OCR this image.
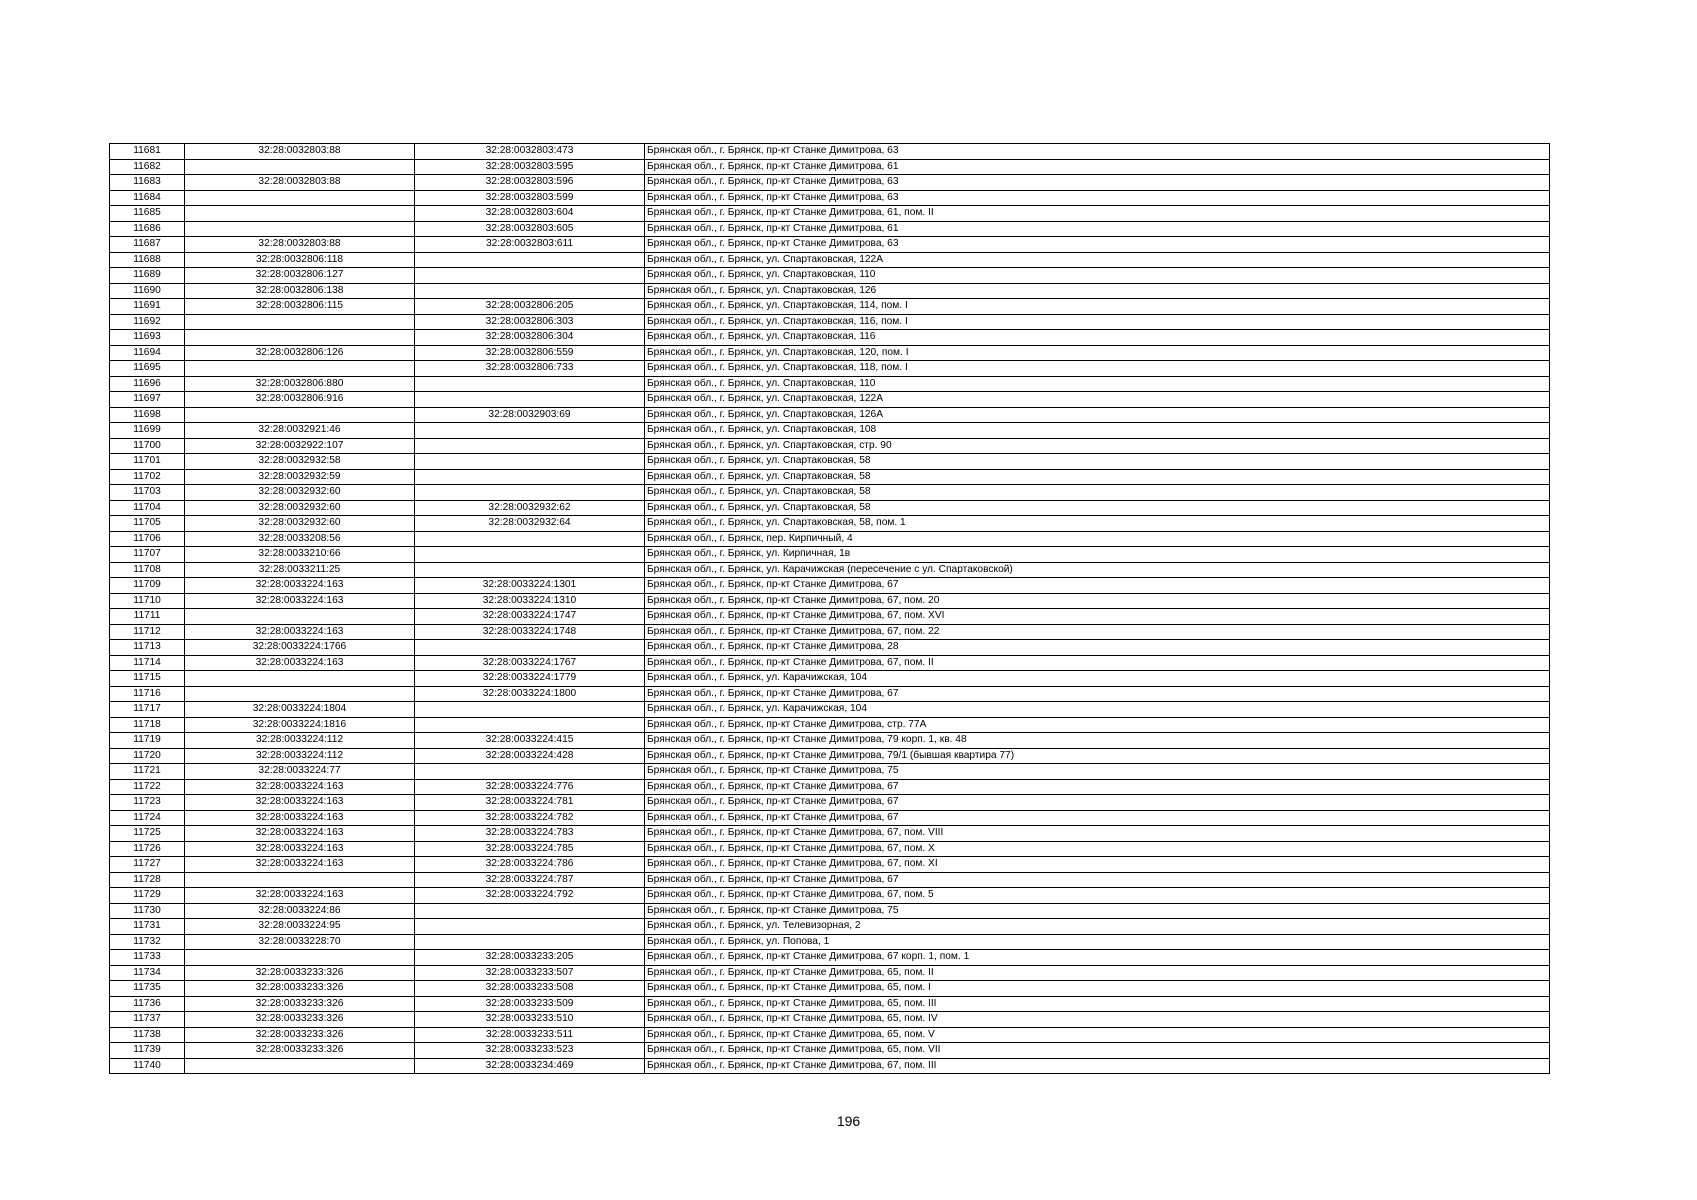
11681	32:28:0032803:88	32:28:0032803:473	Брянская обл., г. Брянск, пр-кт Станке Димитрова, 63
11682		32:28:0032803:595	Брянская обл., г. Брянск, пр-кт Станке Димитрова, 61
11683	32:28:0032803:88	32:28:0032803:596	Брянская обл., г. Брянск, пр-кт Станке Димитрова, 63
11684		32:28:0032803:599	Брянская обл., г. Брянск, пр-кт Станке Димитрова, 63
11685		32:28:0032803:604	Брянская обл., г. Брянск, пр-кт Станке Димитрова, 61, пом. II
11686		32:28:0032803:605	Брянская обл., г. Брянск, пр-кт Станке Димитрова, 61
11687	32:28:0032803:88	32:28:0032803:611	Брянская обл., г. Брянск, пр-кт Станке Димитрова, 63
11688	32:28:0032806:118		Брянская обл., г. Брянск, ул. Спартаковская, 122А
11689	32:28:0032806:127		Брянская обл., г. Брянск, ул. Спартаковская, 110
11690	32:28:0032806:138		Брянская обл., г. Брянск, ул. Спартаковская, 126
11691	32:28:0032806:115	32:28:0032806:205	Брянская обл., г. Брянск, ул. Спартаковская, 114, пом. I
11692		32:28:0032806:303	Брянская обл., г. Брянск, ул. Спартаковская, 116, пом. I
11693		32:28:0032806:304	Брянская обл., г. Брянск, ул. Спартаковская, 116
11694	32:28:0032806:126	32:28:0032806:559	Брянская обл., г. Брянск, ул. Спартаковская, 120, пом. I
11695		32:28:0032806:733	Брянская обл., г. Брянск, ул. Спартаковская, 118, пом. I
11696	32:28:0032806:880		Брянская обл., г. Брянск, ул. Спартаковская, 110
11697	32:28:0032806:916		Брянская обл., г. Брянск, ул. Спартаковская, 122А
11698		32:28:0032903:69	Брянская обл., г. Брянск, ул. Спартаковская, 126А
11699	32:28:0032921:46		Брянская обл., г. Брянск, ул. Спартаковская, 108
11700	32:28:0032922:107		Брянская обл., г. Брянск, ул. Спартаковская, стр. 90
11701	32:28:0032932:58		Брянская обл., г. Брянск, ул. Спартаковская, 58
11702	32:28:0032932:59		Брянская обл., г. Брянск, ул. Спартаковская, 58
11703	32:28:0032932:60		Брянская обл., г. Брянск, ул. Спартаковская, 58
11704	32:28:0032932:60	32:28:0032932:62	Брянская обл., г. Брянск, ул. Спартаковская, 58
11705	32:28:0032932:60	32:28:0032932:64	Брянская обл., г. Брянск, ул. Спартаковская, 58, пом. 1
11706	32:28:0033208:56		Брянская обл., г. Брянск, пер. Кирпичный, 4
11707	32:28:0033210:66		Брянская обл., г. Брянск, ул. Кирпичная, 1в
11708	32:28:0033211:25		Брянская обл., г. Брянск, ул. Карачижская (пересечение с ул. Спартаковской)
11709	32:28:0033224:163	32:28:0033224:1301	Брянская обл., г. Брянск, пр-кт Станке Димитрова, 67
11710	32:28:0033224:163	32:28:0033224:1310	Брянская обл., г. Брянск, пр-кт Станке Димитрова, 67, пом. 20
11711		32:28:0033224:1747	Брянская обл., г. Брянск, пр-кт Станке Димитрова, 67, пом. XVI
11712	32:28:0033224:163	32:28:0033224:1748	Брянская обл., г. Брянск, пр-кт Станке Димитрова, 67, пом. 22
11713	32:28:0033224:1766		Брянская обл., г. Брянск, пр-кт Станке Димитрова, 28
11714	32:28:0033224:163	32:28:0033224:1767	Брянская обл., г. Брянск, пр-кт Станке Димитрова, 67, пом. II
11715		32:28:0033224:1779	Брянская обл., г. Брянск, ул. Карачижская, 104
11716		32:28:0033224:1800	Брянская обл., г. Брянск, пр-кт Станке Димитрова, 67
11717	32:28:0033224:1804		Брянская обл., г. Брянск, ул. Карачижская, 104
11718	32:28:0033224:1816		Брянская обл., г. Брянск, пр-кт Станке Димитрова, стр. 77А
11719	32:28:0033224:112	32:28:0033224:415	Брянская обл., г. Брянск, пр-кт Станке Димитрова, 79 корп. 1, кв. 48
11720	32:28:0033224:112	32:28:0033224:428	Брянская обл., г. Брянск, пр-кт Станке Димитрова, 79/1 (бывшая квартира 77)
11721	32:28:0033224:77		Брянская обл., г. Брянск, пр-кт Станке Димитрова, 75
11722	32:28:0033224:163	32:28:0033224:776	Брянская обл., г. Брянск, пр-кт Станке Димитрова, 67
11723	32:28:0033224:163	32:28:0033224:781	Брянская обл., г. Брянск, пр-кт Станке Димитрова, 67
11724	32:28:0033224:163	32:28:0033224:782	Брянская обл., г. Брянск, пр-кт Станке Димитрова, 67
11725	32:28:0033224:163	32:28:0033224:783	Брянская обл., г. Брянск, пр-кт Станке Димитрова, 67, пом. VIII
11726	32:28:0033224:163	32:28:0033224:785	Брянская обл., г. Брянск, пр-кт Станке Димитрова, 67, пом. X
11727	32:28:0033224:163	32:28:0033224:786	Брянская обл., г. Брянск, пр-кт Станке Димитрова, 67, пом. XI
11728		32:28:0033224:787	Брянская обл., г. Брянск, пр-кт Станке Димитрова, 67
11729	32:28:0033224:163	32:28:0033224:792	Брянская обл., г. Брянск, пр-кт Станке Димитрова, 67, пом. 5
11730	32:28:0033224:86		Брянская обл., г. Брянск, пр-кт Станке Димитрова, 75
11731	32:28:0033224:95		Брянская обл., г. Брянск, ул. Телевизорная, 2
11732	32:28:0033228:70		Брянская обл., г. Брянск, ул. Попова, 1
11733		32:28:0033233:205	Брянская обл., г. Брянск, пр-кт Станке Димитрова, 67 корп. 1, пом. 1
11734	32:28:0033233:326	32:28:0033233:507	Брянская обл., г. Брянск, пр-кт Станке Димитрова, 65, пом. II
11735	32:28:0033233:326	32:28:0033233:508	Брянская обл., г. Брянск, пр-кт Станке Димитрова, 65, пом. I
11736	32:28:0033233:326	32:28:0033233:509	Брянская обл., г. Брянск, пр-кт Станке Димитрова, 65, пом. III
11737	32:28:0033233:326	32:28:0033233:510	Брянская обл., г. Брянск, пр-кт Станке Димитрова, 65, пом. IV
11738	32:28:0033233:326	32:28:0033233:511	Брянская обл., г. Брянск, пр-кт Станке Димитрова, 65, пом. V
11739	32:28:0033233:326	32:28:0033233:523	Брянская обл., г. Брянск, пр-кт Станке Димитрова, 65, пом. VII
11740		32:28:0033234:469	Брянская обл., г. Брянск, пр-кт Станке Димитрова, 67, пом. III
196
